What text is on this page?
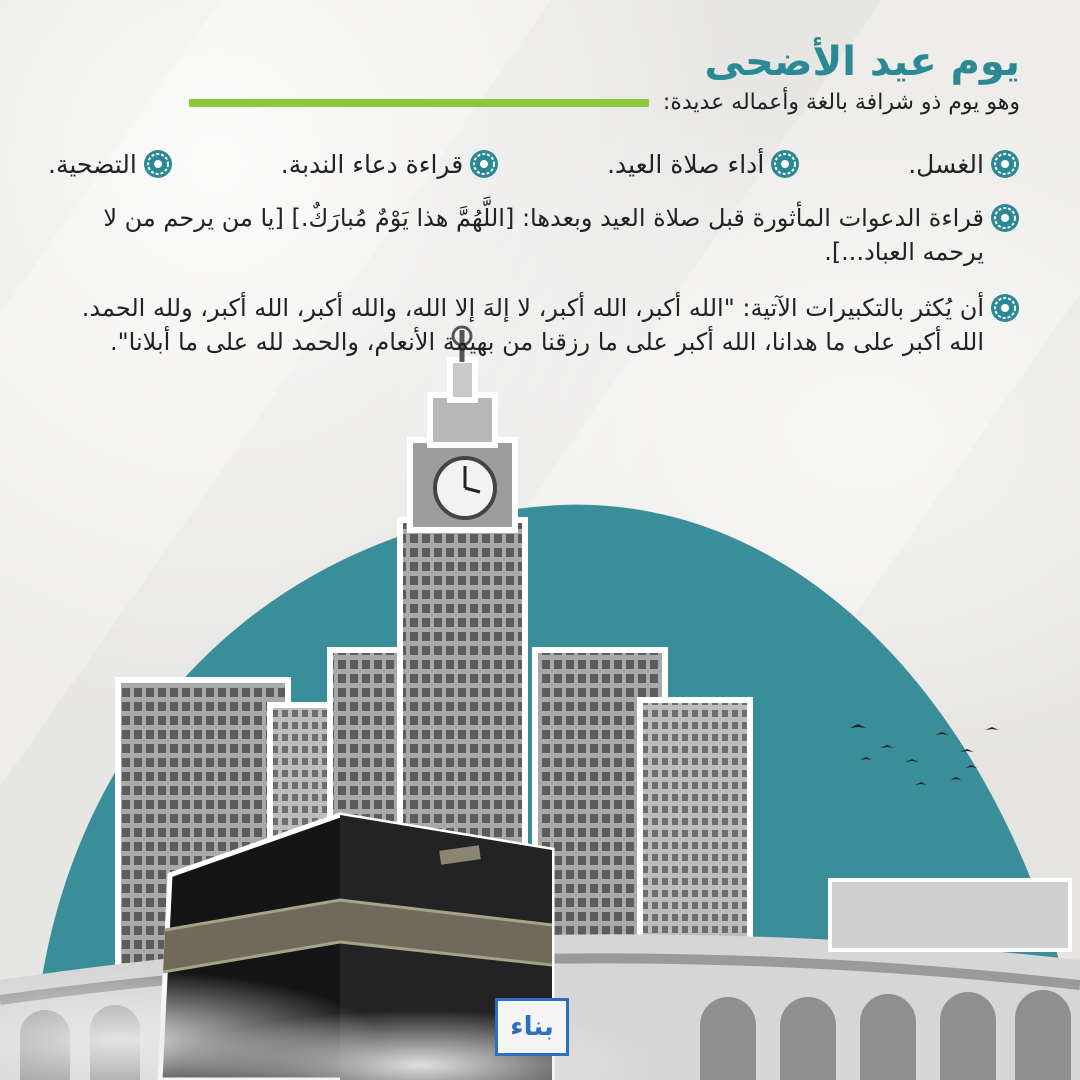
يوم عيد الأضحى
وهو يوم ذو شرافة بالغة وأعماله عديدة:
الغسل.
أداء صلاة العيد.
قراءة دعاء الندبة.
التضحية.
قراءة الدعوات المأثورة قبل صلاة العيد وبعدها: [اللَّهُمَّ هذا يَوْمٌ مُبارَكٌ.] [يا من يرحم من لا يرحمه العباد...].
أن يُكثر بالتكبيرات الآتية: "الله أكبر، الله أكبر، لا إلهَ إلا الله، والله أكبر، الله أكبر، ولله الحمد. الله أكبر على ما هدانا، الله أكبر على ما رزقنا من بهيمة الأنعام، والحمد لله على ما أبلانا".
بناء
